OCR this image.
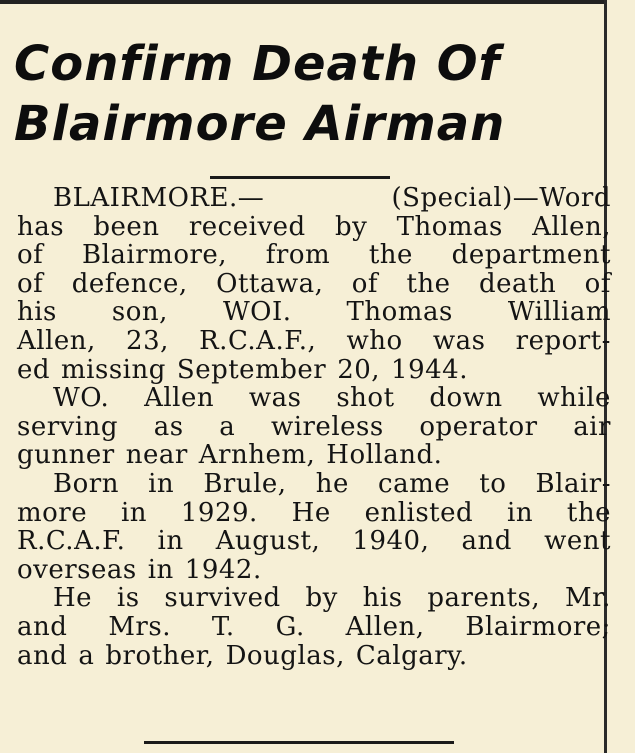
Confirm Death Of
Blairmore Airman
BLAIRMORE.—	(Special)—Word
has been received by Thomas Allen,
of Blairmore, from the department
of defence, Ottawa, of the death of
his son, WOI. Thomas William
Allen, 23, R.C.A.F., who was report-
ed missing September 20, 1944.
WO. Allen was shot down while
serving as a wireless operator air
gunner near Arnhem, Holland.
Born in Brule, he came to Blair-
more in 1929. He enlisted in the
R.C.A.F. in August, 1940, and went
overseas in 1942.
He is survived by his parents, Mr.
and Mrs. T. G. Allen, Blairmore;
and a brother, Douglas, Calgary.
